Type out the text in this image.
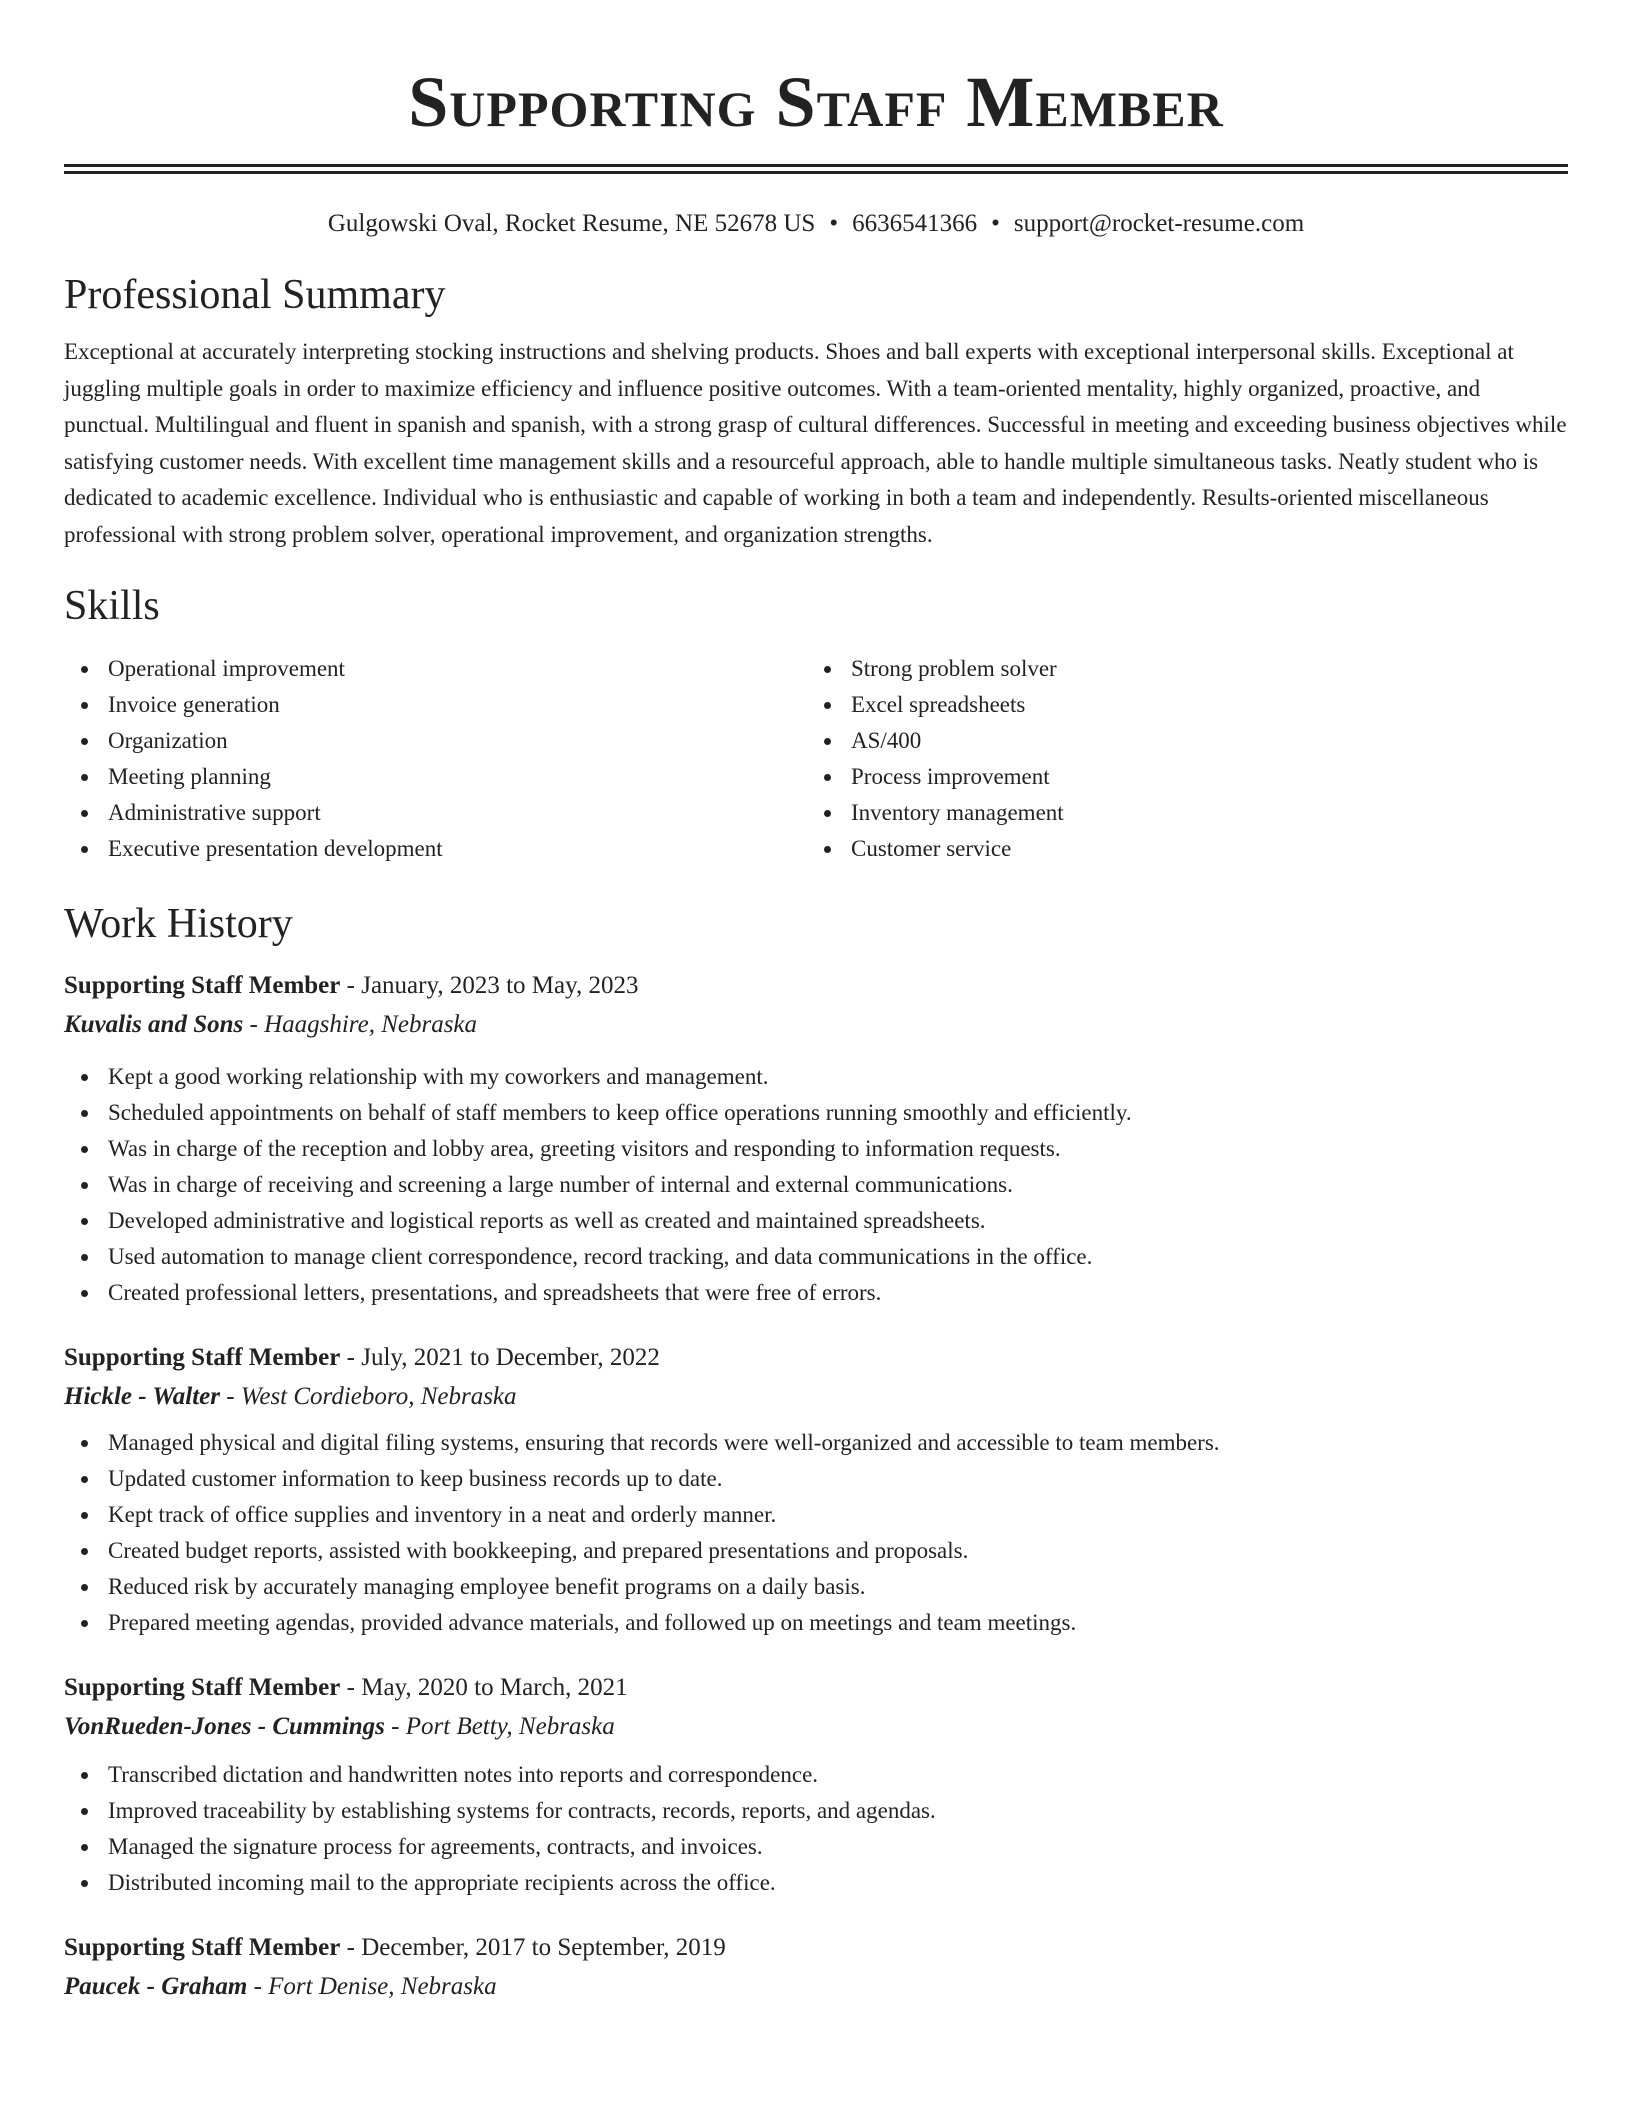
Supporting Staff Member
Gulgowski Oval, Rocket Resume, NE 52678 US • 6636541366 • support@rocket-resume.com
Professional Summary

Exceptional at accurately interpreting stocking instructions and shelving products. Shoes and ball experts with exceptional interpersonal skills. Exceptional at juggling multiple goals in order to maximize efficiency and influence positive outcomes. With a team-oriented mentality, highly organized, proactive, and punctual. Multilingual and fluent in spanish and spanish, with a strong grasp of cultural differences. Successful in meeting and exceeding business objectives while satisfying customer needs. With excellent time management skills and a resourceful approach, able to handle multiple simultaneous tasks. Neatly student who is dedicated to academic excellence. Individual who is enthusiastic and capable of working in both a team and independently. Results-oriented miscellaneous professional with strong problem solver, operational improvement, and organization strengths.

Skills
Operational improvement
Invoice generation
Organization
Meeting planning
Administrative support
Executive presentation development
Strong problem solver
Excel spreadsheets
AS/400
Process improvement
Inventory management
Customer service
Work History
Supporting Staff Member - January, 2023 to May, 2023
Kuvalis and Sons - Haagshire, Nebraska
Kept a good working relationship with my coworkers and management.
Scheduled appointments on behalf of staff members to keep office operations running smoothly and efficiently.
Was in charge of the reception and lobby area, greeting visitors and responding to information requests.
Was in charge of receiving and screening a large number of internal and external communications.
Developed administrative and logistical reports as well as created and maintained spreadsheets.
Used automation to manage client correspondence, record tracking, and data communications in the office.
Created professional letters, presentations, and spreadsheets that were free of errors.
Supporting Staff Member - July, 2021 to December, 2022
Hickle - Walter - West Cordieboro, Nebraska
Managed physical and digital filing systems, ensuring that records were well-organized and accessible to team members.
Updated customer information to keep business records up to date.
Kept track of office supplies and inventory in a neat and orderly manner.
Created budget reports, assisted with bookkeeping, and prepared presentations and proposals.
Reduced risk by accurately managing employee benefit programs on a daily basis.
Prepared meeting agendas, provided advance materials, and followed up on meetings and team meetings.
Supporting Staff Member - May, 2020 to March, 2021
VonRueden-Jones - Cummings - Port Betty, Nebraska
Transcribed dictation and handwritten notes into reports and correspondence.
Improved traceability by establishing systems for contracts, records, reports, and agendas.
Managed the signature process for agreements, contracts, and invoices.
Distributed incoming mail to the appropriate recipients across the office.
Supporting Staff Member - December, 2017 to September, 2019
Paucek - Graham - Fort Denise, Nebraska
